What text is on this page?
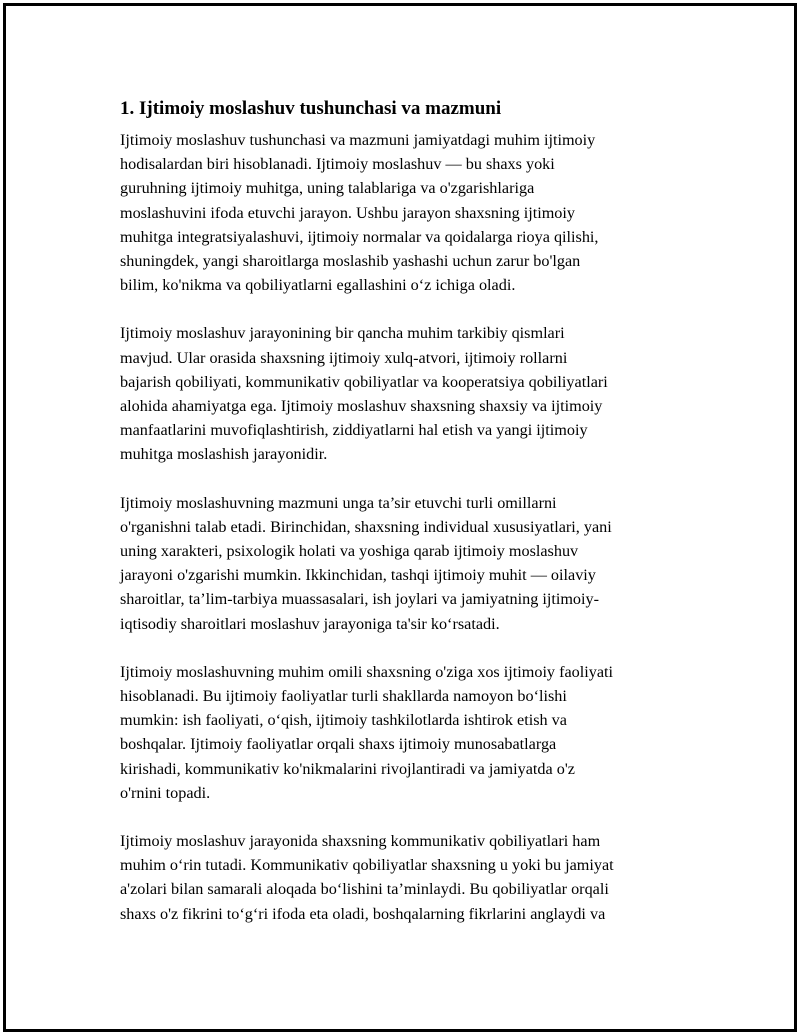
1. Ijtimoiy moslashuv tushunchasi va mazmuni
Ijtimoiy moslashuv tushunchasi va mazmuni jamiyatdagi muhim ijtimoiy
hodisalardan biri hisoblanadi. Ijtimoiy moslashuv — bu shaxs yoki
guruhning ijtimoiy muhitga, uning talablariga va o'zgarishlariga
moslashuvini ifoda etuvchi jarayon. Ushbu jarayon shaxsning ijtimoiy
muhitga integratsiyalashuvi, ijtimoiy normalar va qoidalarga rioya qilishi,
shuningdek, yangi sharoitlarga moslashib yashashi uchun zarur bo'lgan
bilim, ko'nikma va qobiliyatlarni egallashini o‘z ichiga oladi.
Ijtimoiy moslashuv jarayonining bir qancha muhim tarkibiy qismlari
mavjud. Ular orasida shaxsning ijtimoiy xulq-atvori, ijtimoiy rollarni
bajarish qobiliyati, kommunikativ qobiliyatlar va kooperatsiya qobiliyatlari
alohida ahamiyatga ega. Ijtimoiy moslashuv shaxsning shaxsiy va ijtimoiy
manfaatlarini muvofiqlashtirish, ziddiyatlarni hal etish va yangi ijtimoiy
muhitga moslashish jarayonidir.
Ijtimoiy moslashuvning mazmuni unga ta’sir etuvchi turli omillarni
o'rganishni talab etadi. Birinchidan, shaxsning individual xususiyatlari, yani
uning xarakteri, psixologik holati va yoshiga qarab ijtimoiy moslashuv
jarayoni o'zgarishi mumkin. Ikkinchidan, tashqi ijtimoiy muhit — oilaviy
sharoitlar, ta’lim-tarbiya muassasalari, ish joylari va jamiyatning ijtimoiy-
iqtisodiy sharoitlari moslashuv jarayoniga ta'sir ko‘rsatadi.
Ijtimoiy moslashuvning muhim omili shaxsning o'ziga xos ijtimoiy faoliyati
hisoblanadi. Bu ijtimoiy faoliyatlar turli shakllarda namoyon bo‘lishi
mumkin: ish faoliyati, o‘qish, ijtimoiy tashkilotlarda ishtirok etish va
boshqalar. Ijtimoiy faoliyatlar orqali shaxs ijtimoiy munosabatlarga
kirishadi, kommunikativ ko'nikmalarini rivojlantiradi va jamiyatda o'z
o'rnini topadi.
Ijtimoiy moslashuv jarayonida shaxsning kommunikativ qobiliyatlari ham
muhim o‘rin tutadi. Kommunikativ qobiliyatlar shaxsning u yoki bu jamiyat
a'zolari bilan samarali aloqada bo‘lishini ta’minlaydi. Bu qobiliyatlar orqali
shaxs o'z fikrini to‘g‘ri ifoda eta oladi, boshqalarning fikrlarini anglaydi va
